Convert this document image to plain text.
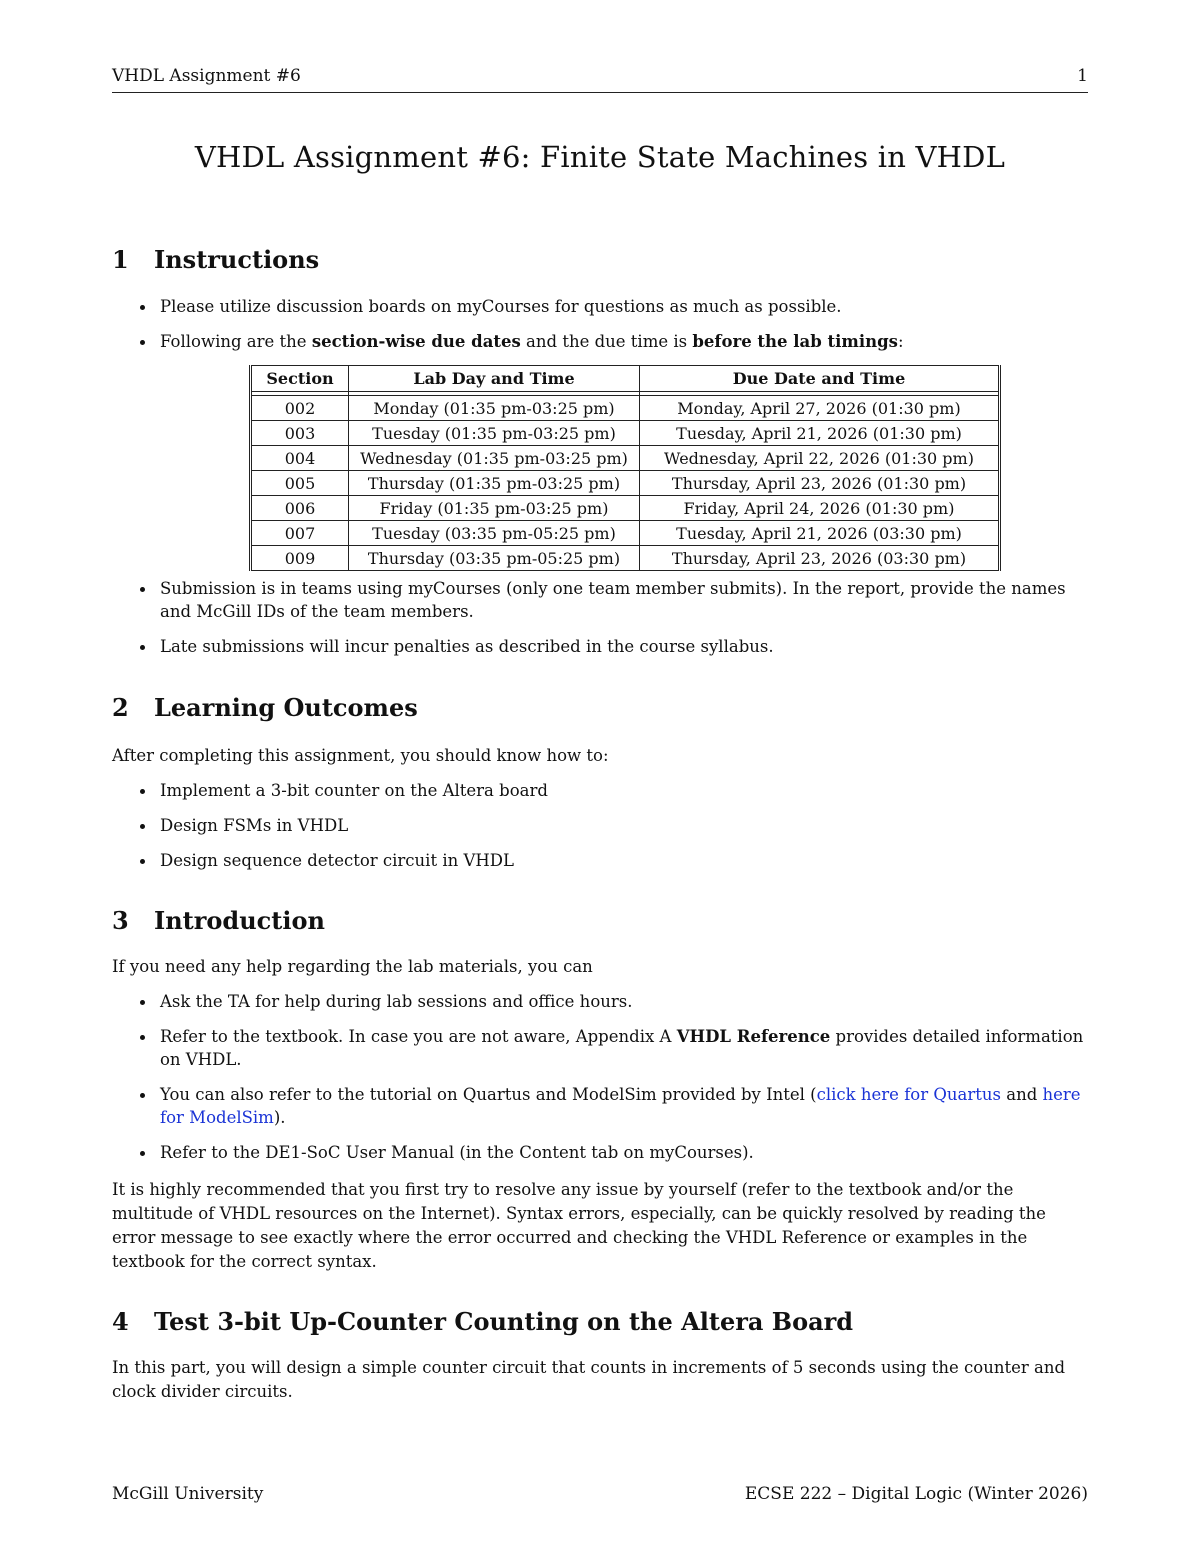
VHDL Assignment #6	1
VHDL Assignment #6: Finite State Machines in VHDL
1 Instructions
Please utilize discussion boards on myCourses for questions as much as possible.
Following are the section-wise due dates and the due time is before the lab timings:
Section	Lab Day and Time	Due Date and Time

002	Monday (01:35 pm-03:25 pm)	Monday, April 27, 2026 (01:30 pm)
003	Tuesday (01:35 pm-03:25 pm)	Tuesday, April 21, 2026 (01:30 pm)
004	Wednesday (01:35 pm-03:25 pm)	Wednesday, April 22, 2026 (01:30 pm)
005	Thursday (01:35 pm-03:25 pm)	Thursday, April 23, 2026 (01:30 pm)
006	Friday (01:35 pm-03:25 pm)	Friday, April 24, 2026 (01:30 pm)
007	Tuesday (03:35 pm-05:25 pm)	Tuesday, April 21, 2026 (03:30 pm)
009	Thursday (03:35 pm-05:25 pm)	Thursday, April 23, 2026 (03:30 pm)
Submission is in teams using myCourses (only one team member submits). In the report, provide the names and McGill IDs of the team members.
Late submissions will incur penalties as described in the course syllabus.
2 Learning Outcomes
After completing this assignment, you should know how to:
Implement a 3-bit counter on the Altera board
Design FSMs in VHDL
Design sequence detector circuit in VHDL
3 Introduction
If you need any help regarding the lab materials, you can
Ask the TA for help during lab sessions and office hours.
Refer to the textbook. In case you are not aware, Appendix A VHDL Reference provides detailed information on VHDL.
You can also refer to the tutorial on Quartus and ModelSim provided by Intel (click here for Quartus and here for ModelSim).
Refer to the DE1-SoC User Manual (in the Content tab on myCourses).
It is highly recommended that you first try to resolve any issue by yourself (refer to the textbook and/or the multitude of VHDL resources on the Internet). Syntax errors, especially, can be quickly resolved by reading the error message to see exactly where the error occurred and checking the VHDL Reference or examples in the textbook for the correct syntax.
4 Test 3-bit Up-Counter Counting on the Altera Board
In this part, you will design a simple counter circuit that counts in increments of 5 seconds using the counter and clock divider circuits.
McGill University	ECSE 222 – Digital Logic (Winter 2026)
